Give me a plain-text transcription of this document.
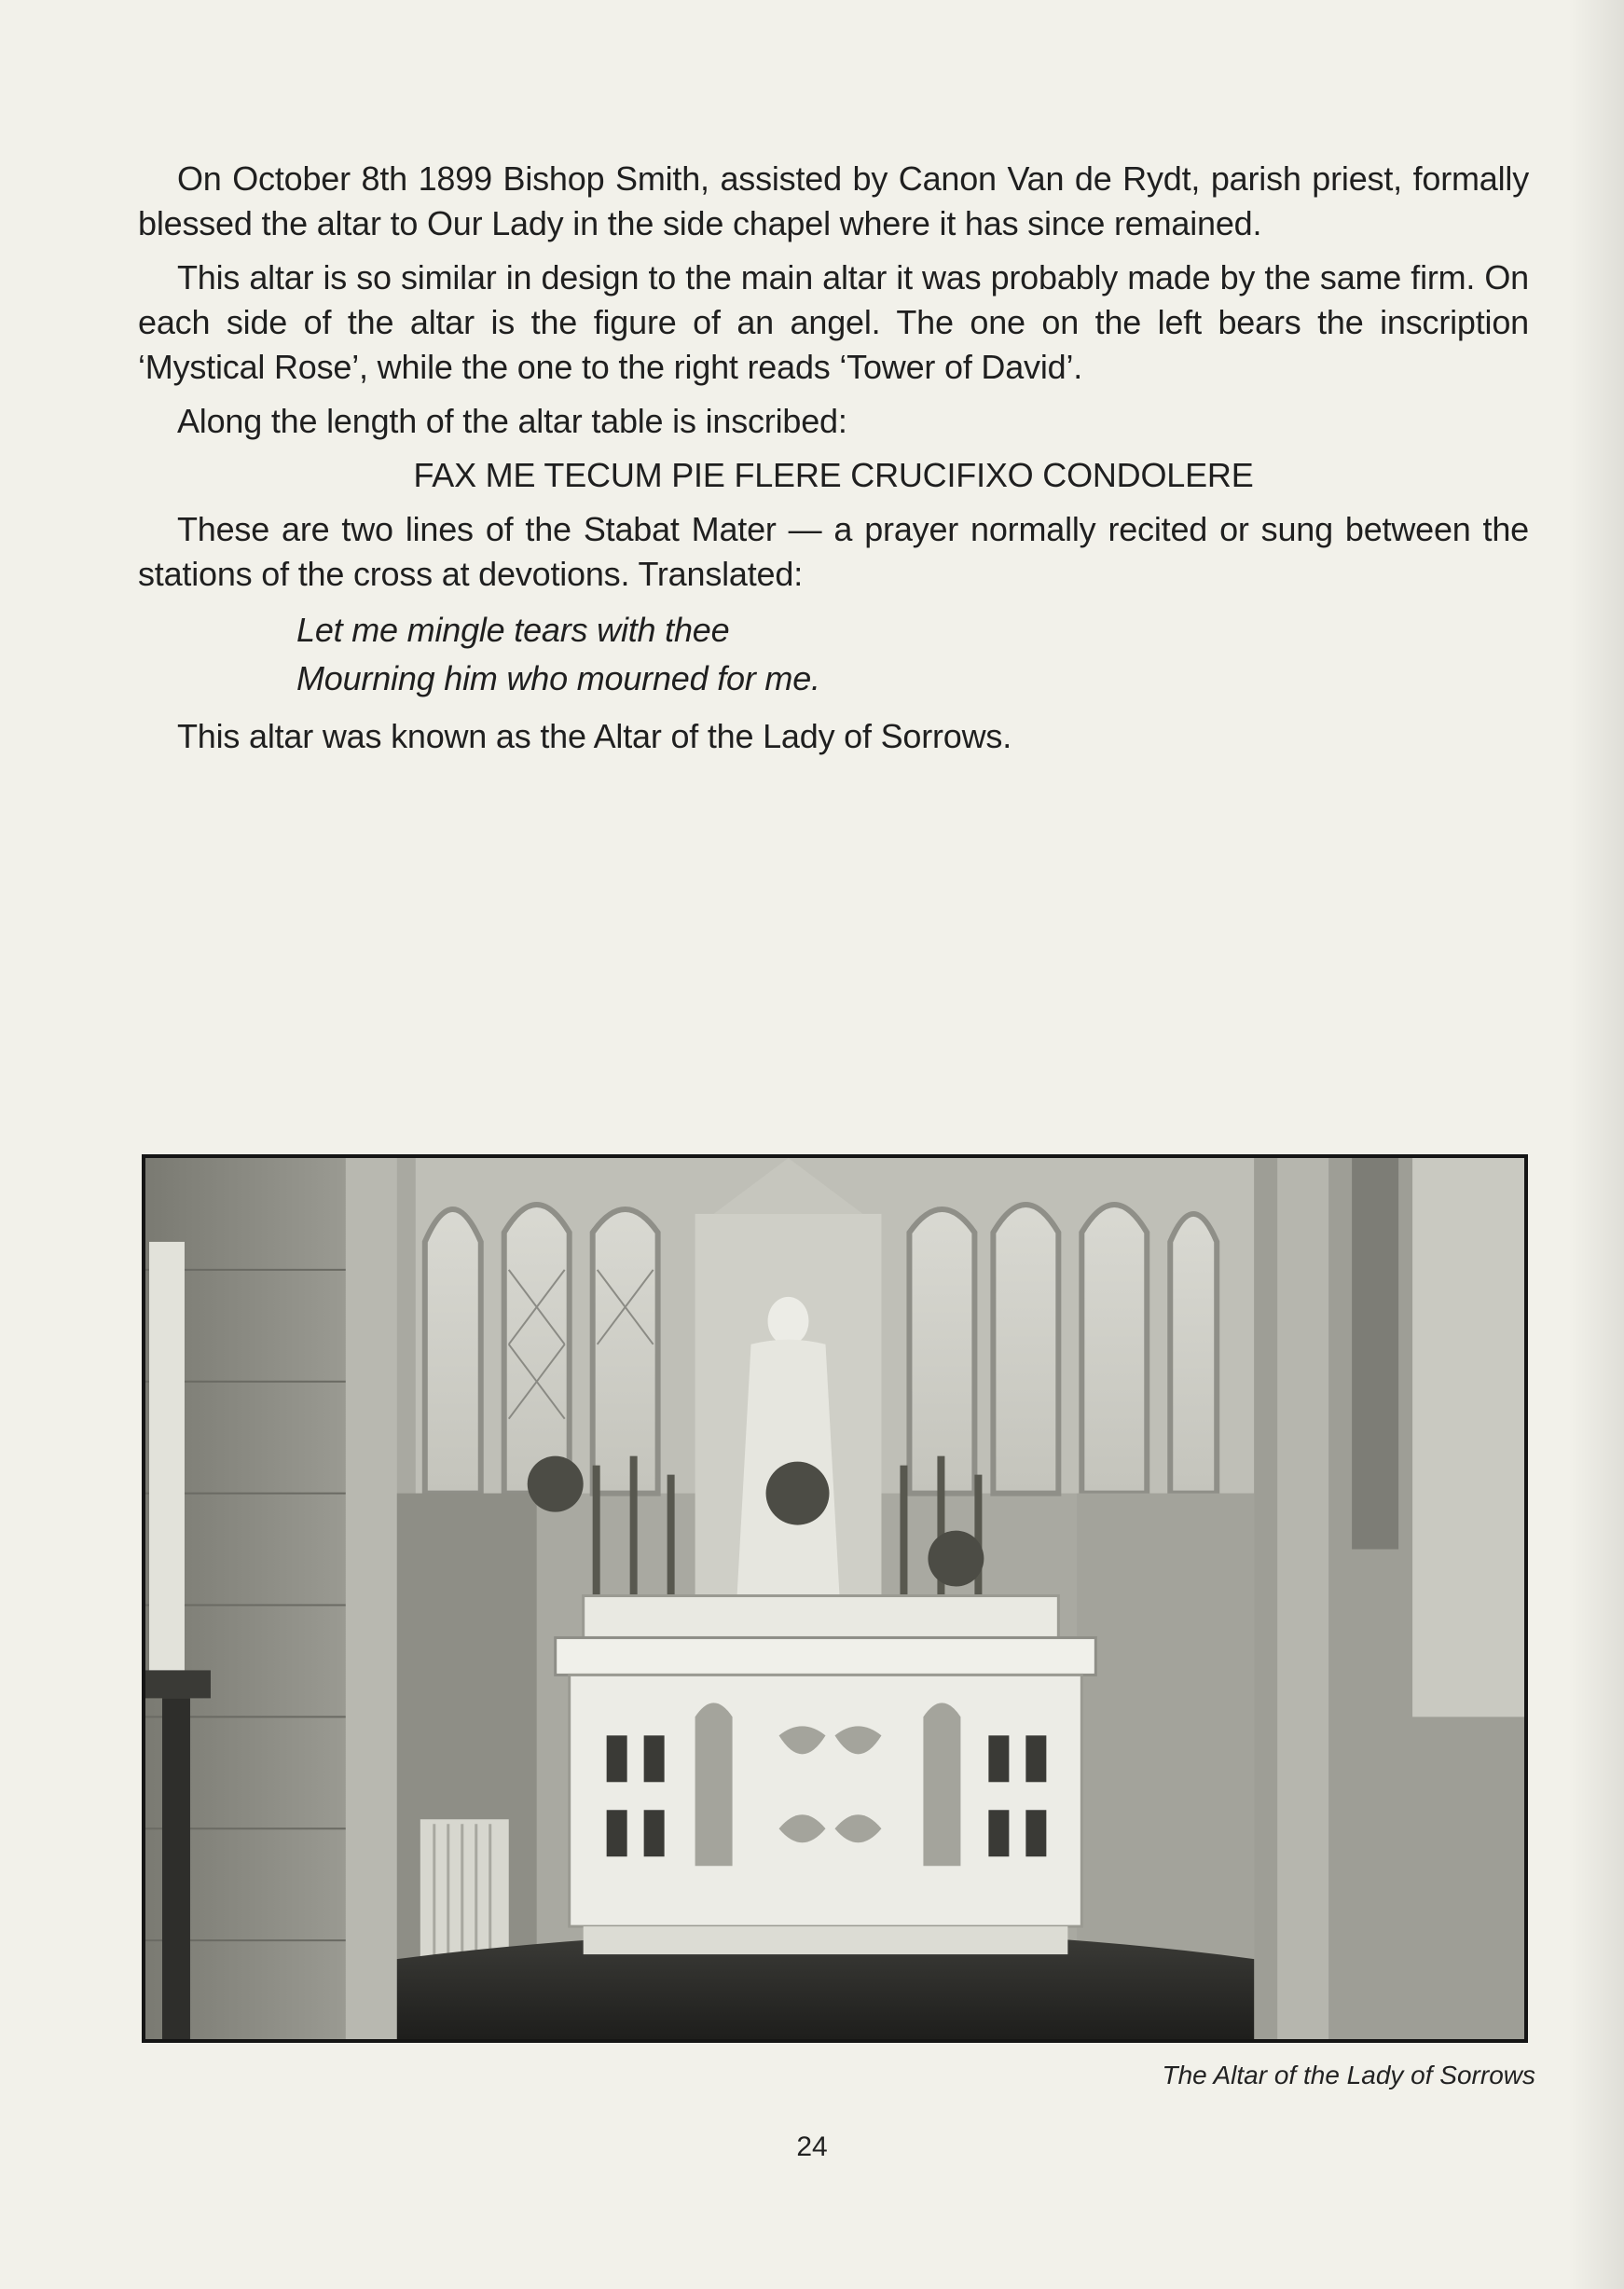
On October 8th 1899 Bishop Smith, assisted by Canon Van de Rydt, parish priest, formally blessed the altar to Our Lady in the side chapel where it has since remained.

This altar is so similar in design to the main altar it was probably made by the same firm. On each side of the altar is the figure of an angel. The one on the left bears the inscription ‘Mystical Rose’, while the one to the right reads ‘Tower of David’.

Along the length of the altar table is inscribed:

FAX ME TECUM PIE FLERE CRUCIFIXO CONDOLERE

These are two lines of the Stabat Mater — a prayer normally recited or sung between the stations of the cross at devotions. Translated:

Let me mingle tears with thee
Mourning him who mourned for me.

This altar was known as the Altar of the Lady of Sorrows.

The Altar of the Lady of Sorrows
24
